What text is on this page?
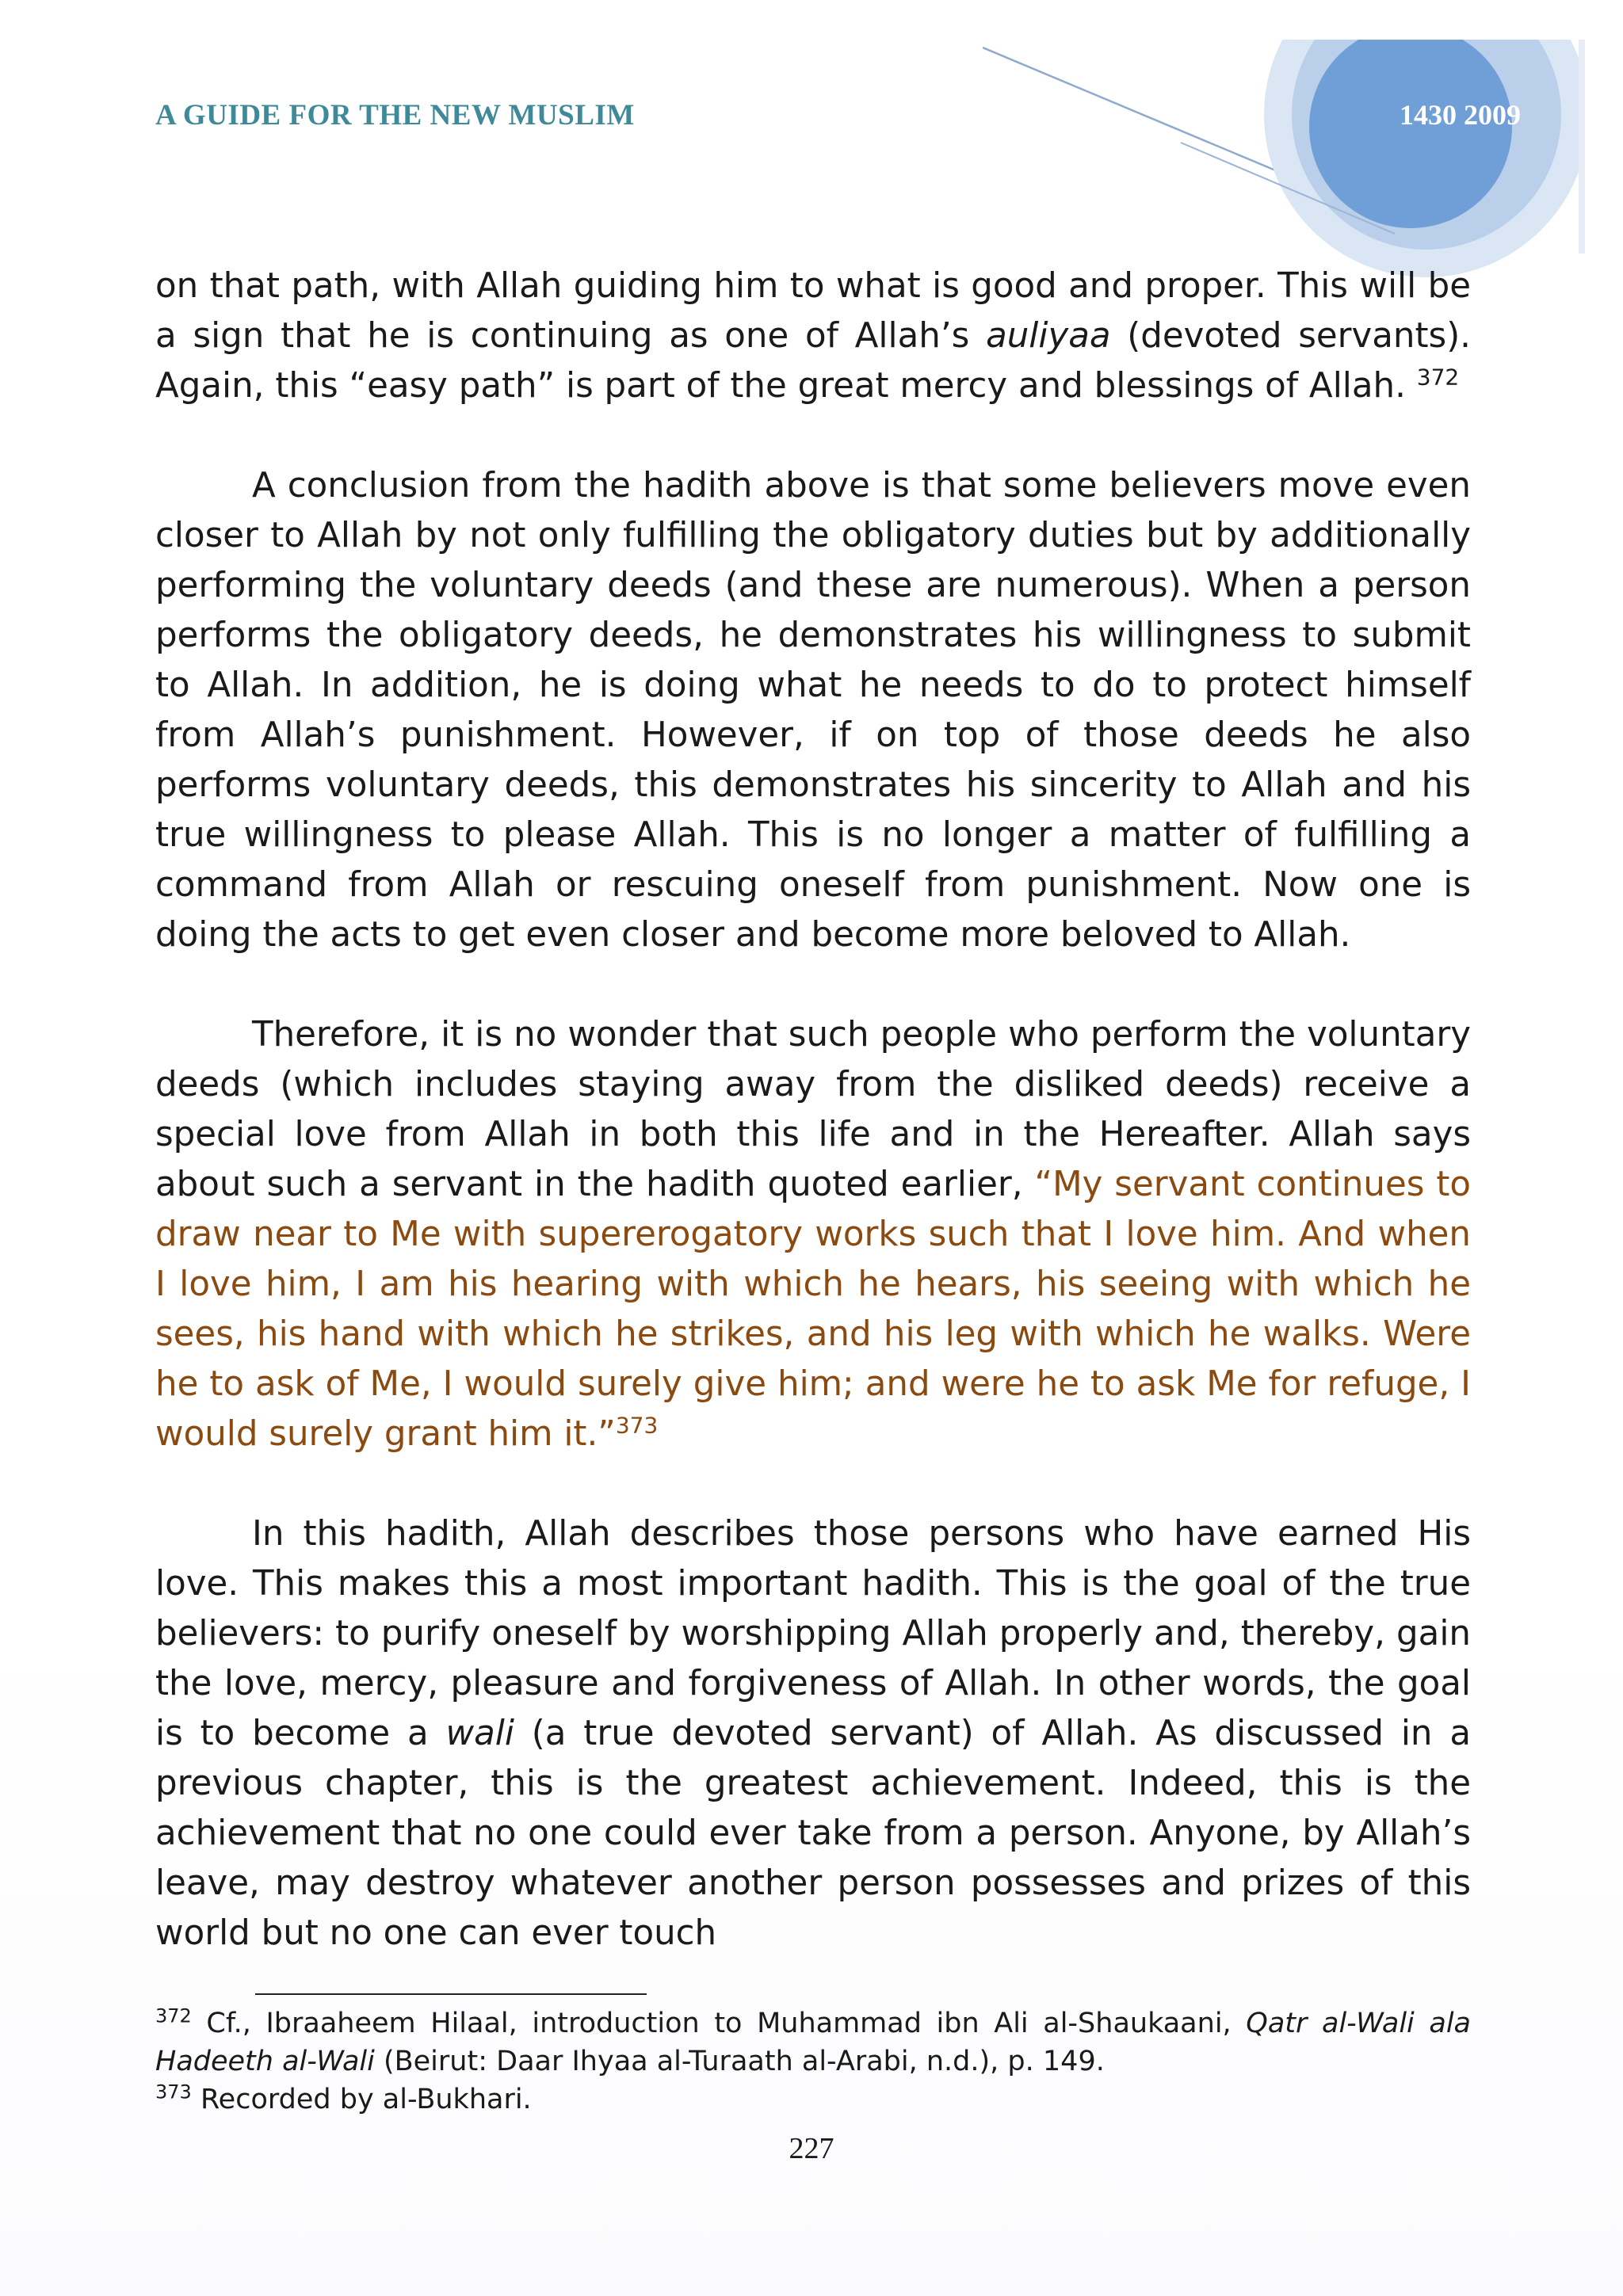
A GUIDE FOR THE NEW MUSLIM	1430 2009

on that path, with Allah guiding him to what is good and proper. This will be a sign that he is continuing as one of Allah’s auliyaa (devoted servants). Again, this “easy path” is part of the great mercy and blessings of Allah. $^{372}$

A conclusion from the hadith above is that some believers move even closer to Allah by not only fulfilling the obligatory duties but by additionally performing the voluntary deeds (and these are numerous). When a person performs the obligatory deeds, he demonstrates his willingness to submit to Allah. In addition, he is doing what he needs to do to protect himself from Allah’s punishment. However, if on top of those deeds he also performs voluntary deeds, this demonstrates his sincerity to Allah and his true willingness to please Allah. This is no longer a matter of fulfilling a command from Allah or rescuing oneself from punishment. Now one is doing the acts to get even closer and become more beloved to Allah.

Therefore, it is no wonder that such people who perform the voluntary deeds (which includes staying away from the disliked deeds) receive a special love from Allah in both this life and in the Hereafter. Allah says about such a servant in the hadith quoted earlier, “My servant continues to draw near to Me with supererogatory works such that I love him. And when I love him, I am his hearing with which he hears, his seeing with which he sees, his hand with which he strikes, and his leg with which he walks. Were he to ask of Me, I would surely give him; and were he to ask Me for refuge, I would surely grant him it.”$^{373}$

In this hadith, Allah describes those persons who have earned His love. This makes this a most important hadith. This is the goal of the true believers: to purify oneself by worshipping Allah properly and, thereby, gain the love, mercy, pleasure and forgiveness of Allah. In other words, the goal is to become a wali (a true devoted servant) of Allah. As discussed in a previous chapter, this is the greatest achievement. Indeed, this is the achievement that no one could ever take from a person. Anyone, by Allah’s leave, may destroy whatever another person possesses and prizes of this world but no one can ever touch

$^{372}$ Cf., Ibraaheem Hilaal, introduction to Muhammad ibn Ali al-Shaukaani, Qatr al-Wali ala Hadeeth al-Wali (Beirut: Daar Ihyaa al-Turaath al-Arabi, n.d.), p. 149.

$^{373}$ Recorded by al-Bukhari.

227
